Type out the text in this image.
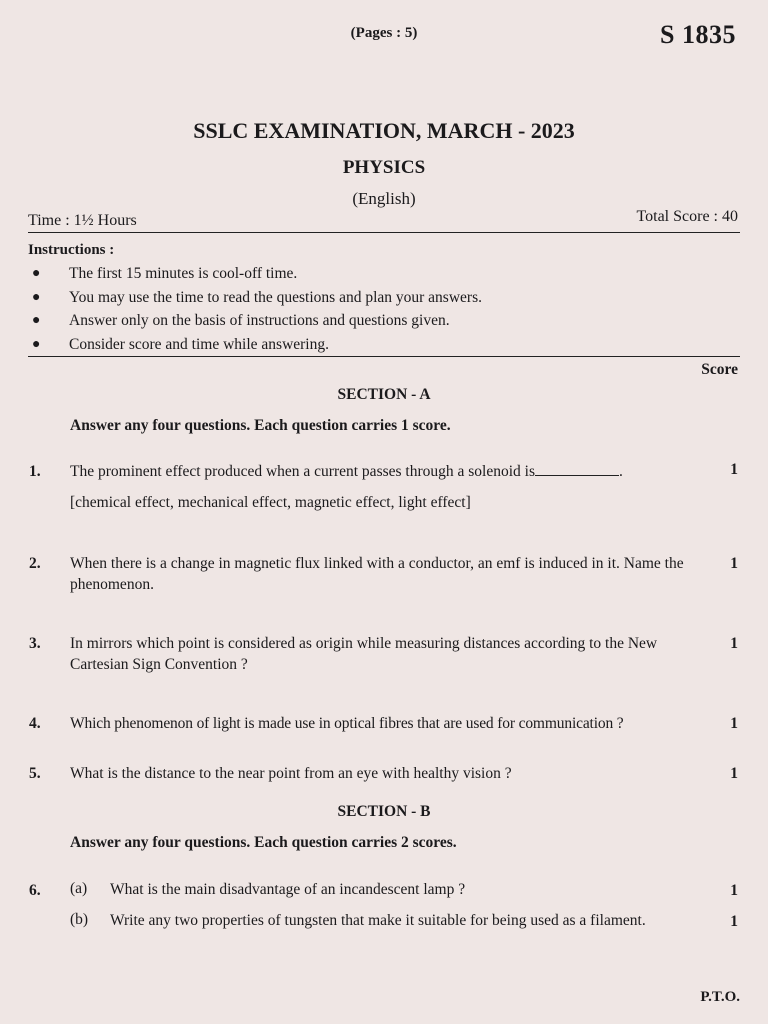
(Pages : 5)	S 1835
SSLC EXAMINATION, MARCH - 2023
PHYSICS
(English)
Time : 1½ Hours	Total Score : 40
Instructions :
● The first 15 minutes is cool-off time.
● You may use the time to read the questions and plan your answers.
● Answer only on the basis of instructions and questions given.
● Consider score and time while answering.
Score
SECTION - A
Answer any four questions. Each question carries 1 score.
1. The prominent effect produced when a current passes through a solenoid is	.	1
[chemical effect, mechanical effect, magnetic effect, light effect]
2. When there is a change in magnetic flux linked with a conductor, an emf is induced in it. Name the phenomenon.
1
3. In mirrors which point is considered as origin while measuring distances according to the New Cartesian Sign Convention ?
1
4. Which phenomenon of light is made use in optical fibres that are used for communication ?	1
5. What is the distance to the near point from an eye with healthy vision ?	1
SECTION - B
Answer any four questions. Each question carries 2 scores.
6. (a) What is the main disadvantage of an incandescent lamp ?	1
(b) Write any two properties of tungsten that make it suitable for being used as a filament.	1
P.T.O.
